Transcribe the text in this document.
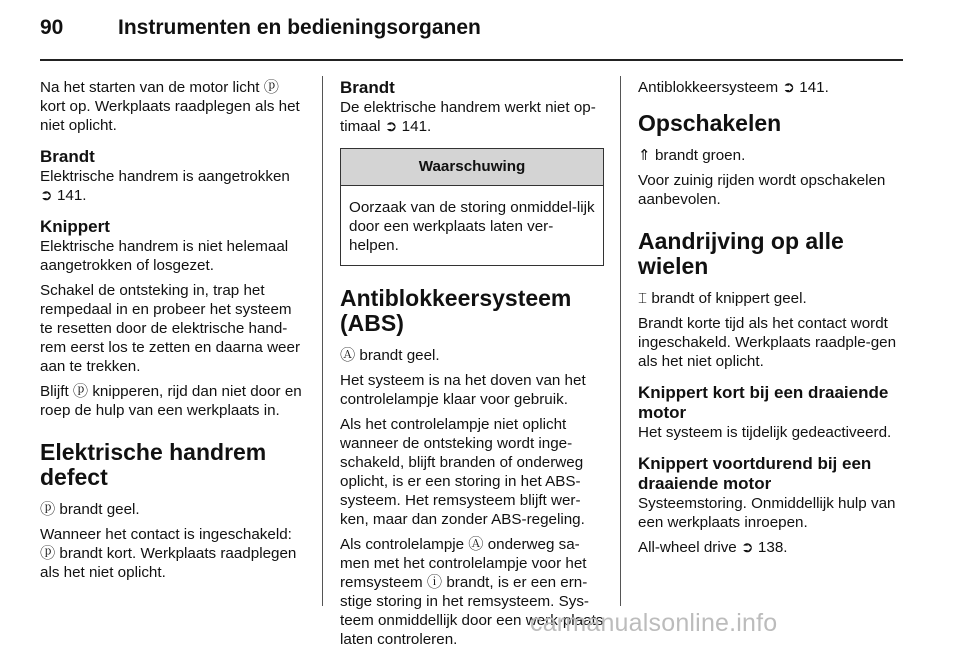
90	Instrumenten en bedieningsorganen

Na het starten van de motor licht ⓟ kort op. Werkplaats raadplegen als het niet oplicht.

Brandt
Elektrische handrem is aangetrokken ➲ 141.
Knippert
Elektrische handrem is niet helemaal aangetrokken of losgezet.

Schakel de ontsteking in, trap het rempedaal in en probeer het systeem te resetten door de elektrische hand-rem eerst los te zetten en daarna weer aan te trekken.

Blijft ⓟ knipperen, rijd dan niet door en roep de hulp van een werkplaats in.

Elektrische handrem defect

ⓟ brandt geel.

Wanneer het contact is ingeschakeld: ⓟ brandt kort. Werkplaats raadplegen als het niet oplicht.

Brandt
De elektrische handrem werkt niet op-timaal ➲ 141.
Waarschuwing

Oorzaak van de storing onmiddel-lijk door een werkplaats laten ver-helpen.

Antiblokkeersysteem (ABS)

Ⓐ brandt geel.

Het systeem is na het doven van het controlelampje klaar voor gebruik.

Als het controlelampje niet oplicht wanneer de ontsteking wordt inge-schakeld, blijft branden of onderweg oplicht, is er een storing in het ABS-systeem. Het remsysteem blijft wer-ken, maar dan zonder ABS-regeling.

Als controlelampje Ⓐ onderweg sa-men met het controlelampje voor het remsysteem ⓘ brandt, is er een ern-stige storing in het remsysteem. Sys-teem onmiddellijk door een werk-plaats laten controleren.

Antiblokkeersysteem ➲ 141.

Opschakelen

⇑ brandt groen.

Voor zuinig rijden wordt opschakelen aanbevolen.

Aandrijving op alle wielen

⌶ brandt of knippert geel.

Brandt korte tijd als het contact wordt ingeschakeld. Werkplaats raadple-gen als het niet oplicht.

Knippert kort bij een draaiende motor
Het systeem is tijdelijk gedeactiveerd.
Knippert voortdurend bij een draaiende motor
Systeemstoring. Onmiddellijk hulp van een werkplaats inroepen.

All-wheel drive ➲ 138.

carmanualsonline.info
